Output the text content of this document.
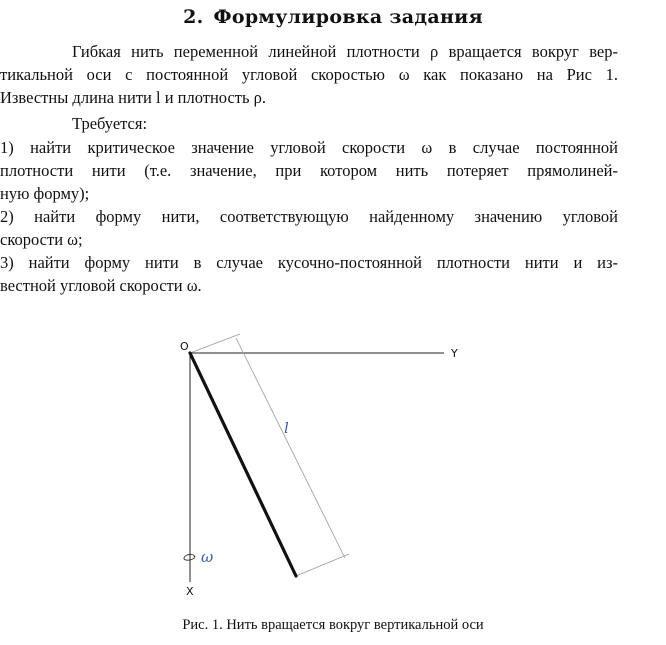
2. Формулировка задания
Гибкая нить переменной линейной плотности ρ вращается вокруг вер-
тикальной оси с постоянной угловой скоростью ω как показано на Рис 1.
Известны длина нити l и плотность ρ.
Требуется:
1) найти критическое значение угловой скорости ω в случае постоянной
плотности нити (т.е. значение, при котором нить потеряет прямолиней-
ную форму);
2) найти форму нити, соответствующую найденному значению угловой
скорости ω;
3) найти форму нити в случае кусочно-постоянной плотности нити и из-
вестной угловой скорости ω.
O
Y
X
l
ω
Рис. 1. Нить вращается вокруг вертикальной оси
